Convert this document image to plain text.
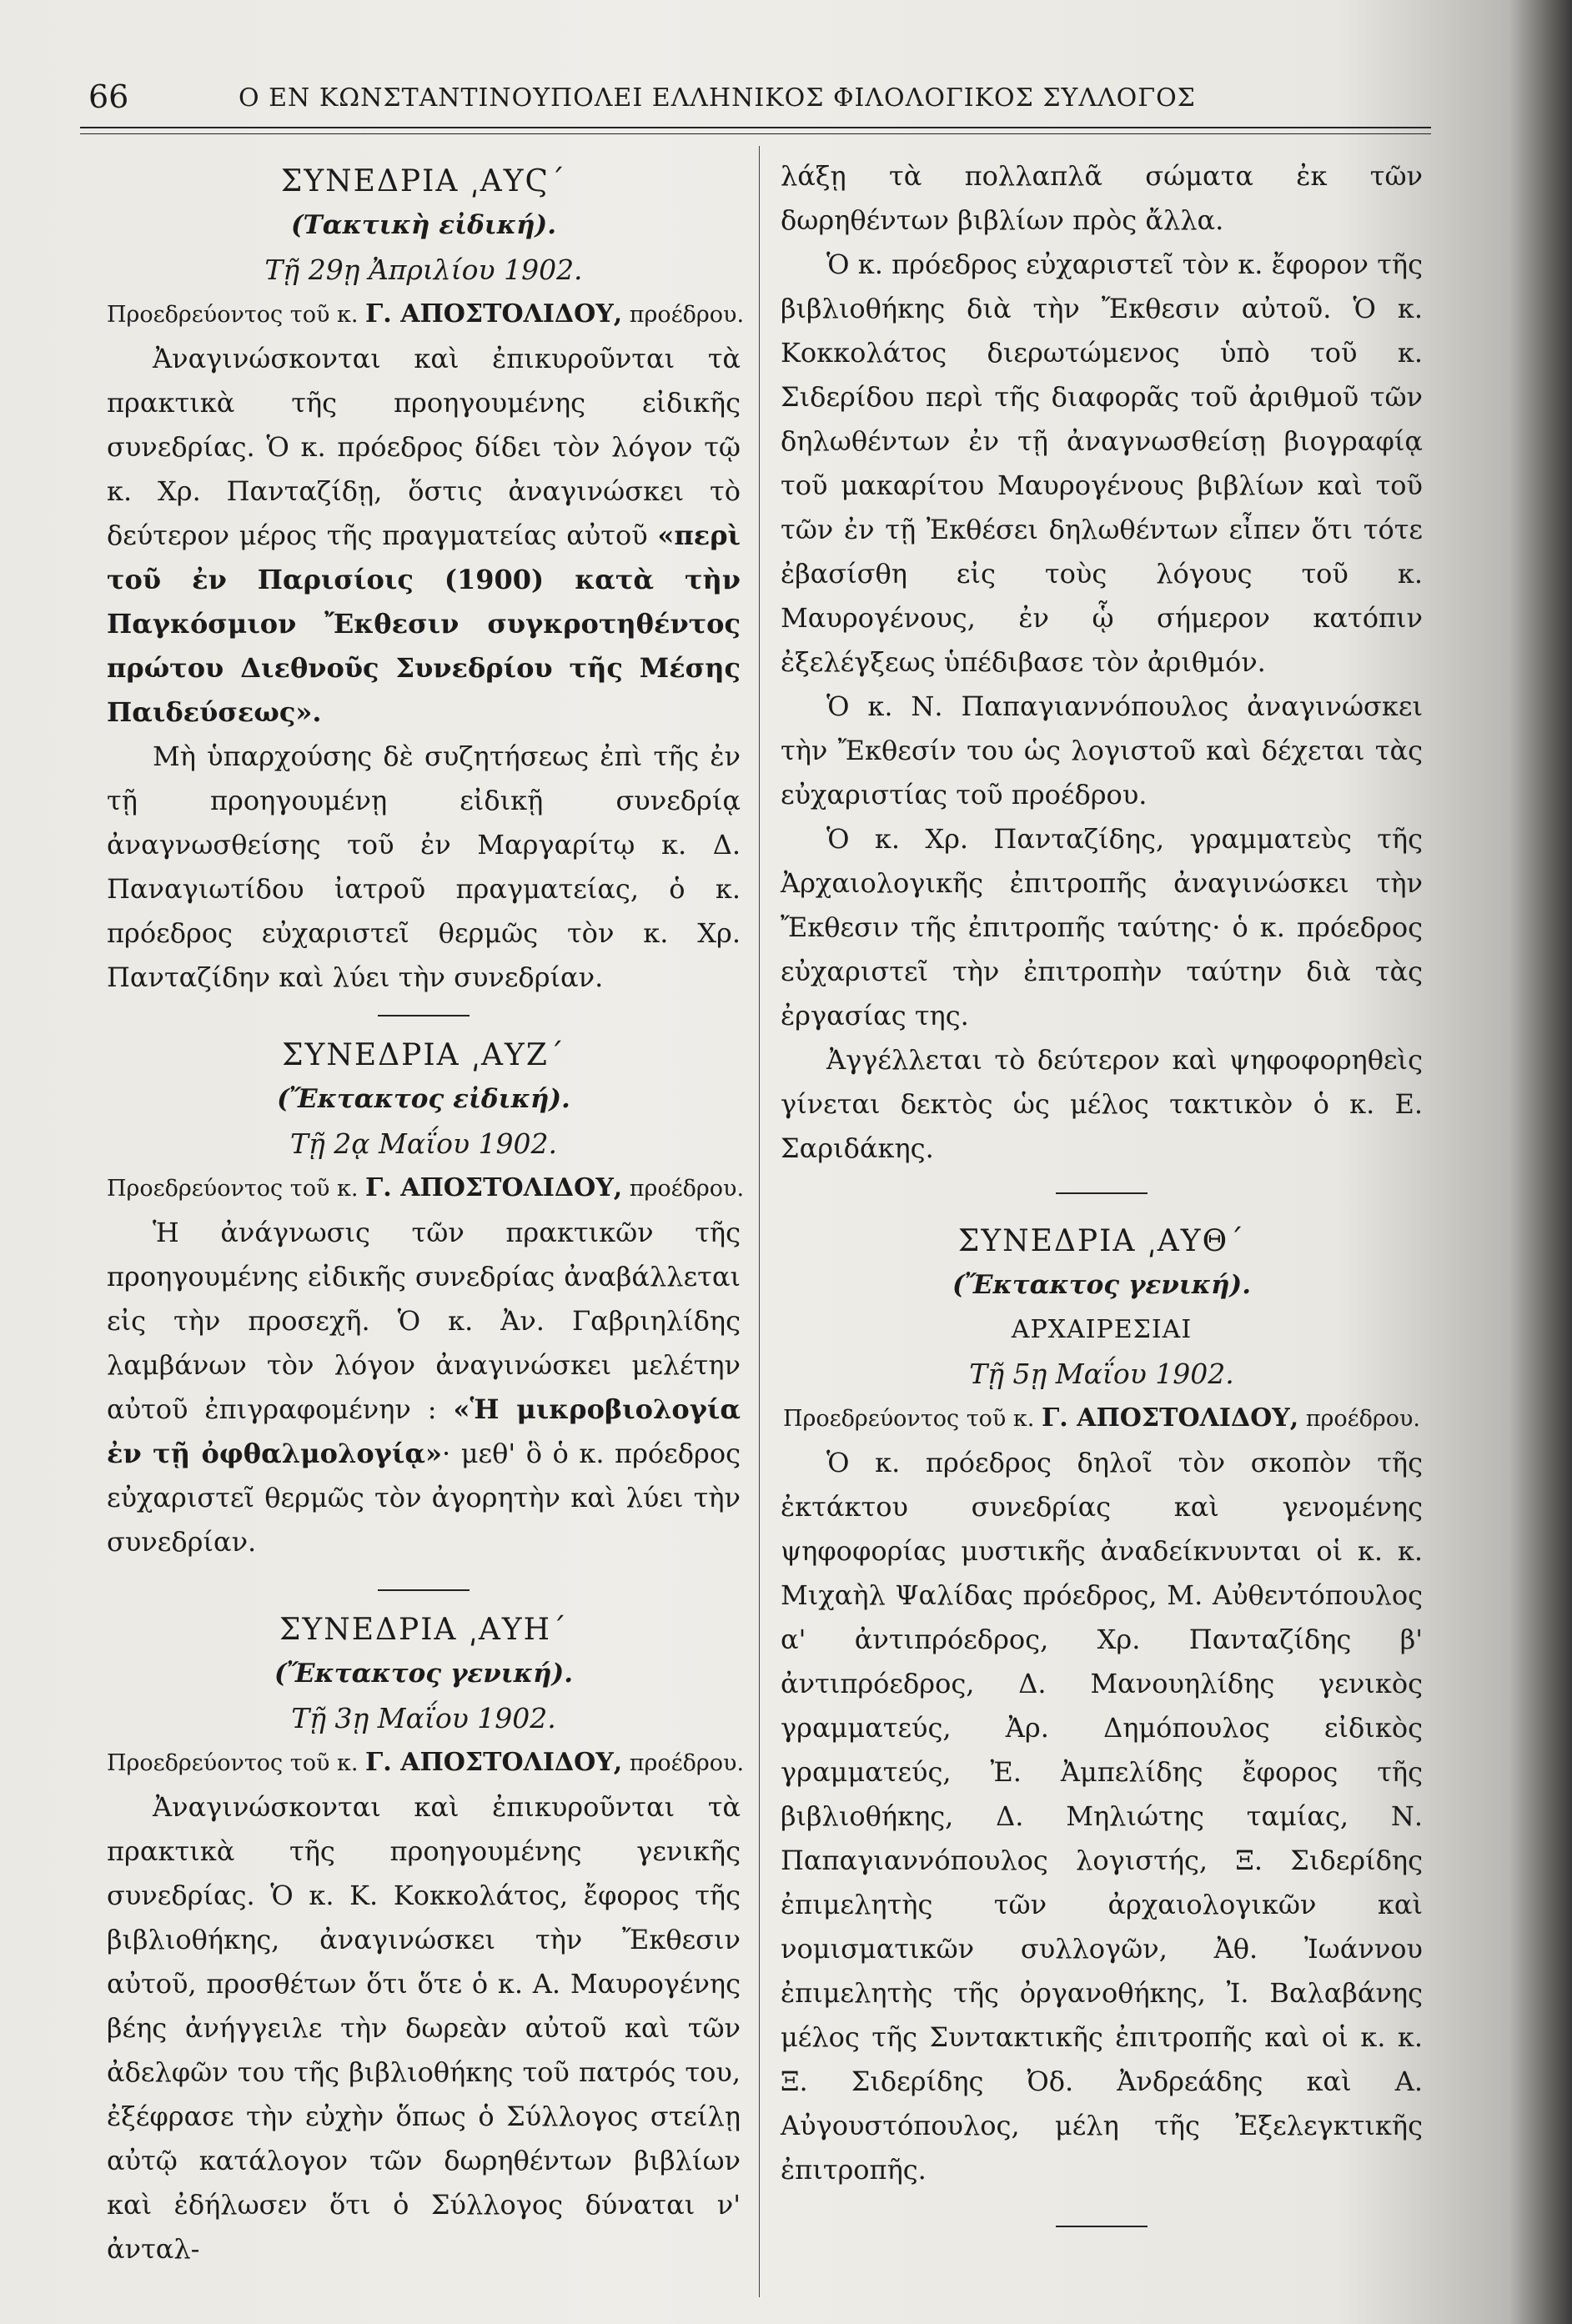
66	Ο ΕΝ ΚΩΝΣΤΑΝΤΙΝΟΥΠΟΛΕΙ ΕΛΛΗΝΙΚΟΣ ΦΙΛΟΛΟΓΙΚΟΣ ΣΥΛΛΟΓΟΣ

ΣΥΝΕΔΡΙΑ ͵ΑΥϚ΄

(Τακτικὴ εἰδική).

Τῇ 29ῃ Ἀπριλίου 1902.

Προεδρεύοντος τοῦ κ. Γ. ΑΠΟΣΤΟΛΙΔΟΥ, προέδρου.

Ἀναγινώσκονται καὶ ἐπικυροῦνται τὰ πρακτικὰ τῆς προηγουμένης εἰδικῆς συνεδρίας. Ὁ κ. πρόεδρος δίδει τὸν λόγον τῷ κ. Χρ. Πανταζίδῃ, ὅστις ἀναγινώσκει τὸ δεύτερον μέρος τῆς πραγματείας αὐτοῦ «περὶ τοῦ ἐν Παρισίοις (1900) κατὰ τὴν Παγκόσμιον Ἔκθεσιν συγκροτηθέντος πρώτου Διεθνοῦς Συνεδρίου τῆς Μέσης Παιδεύσεως».

Μὴ ὑπαρχούσης δὲ συζητήσεως ἐπὶ τῆς ἐν τῇ προηγουμένῃ εἰδικῇ συνεδρίᾳ ἀναγνωσθείσης τοῦ ἐν Μαργαρίτῳ κ. Δ. Παναγιωτίδου ἰατροῦ πραγματείας, ὁ κ. πρόεδρος εὐχαριστεῖ θερμῶς τὸν κ. Χρ. Πανταζίδην καὶ λύει τὴν συνεδρίαν.

ΣΥΝΕΔΡΙΑ ͵ΑΥΖ΄

(Ἔκτακτος εἰδική).

Τῇ 2ᾳ Μαΐου 1902.

Προεδρεύοντος τοῦ κ. Γ. ΑΠΟΣΤΟΛΙΔΟΥ, προέδρου.

Ἡ ἀνάγνωσις τῶν πρακτικῶν τῆς προηγουμένης εἰδικῆς συνεδρίας ἀναβάλλεται εἰς τὴν προσεχῆ. Ὁ κ. Ἀν. Γαβριηλίδης λαμβάνων τὸν λόγον ἀναγινώσκει μελέτην αὐτοῦ ἐπιγραφομένην : «Ἡ μικροβιολογία ἐν τῇ ὀφθαλμολογίᾳ»· μεθ' ὃ ὁ κ. πρόεδρος εὐχαριστεῖ θερμῶς τὸν ἀγορητὴν καὶ λύει τὴν συνεδρίαν.

ΣΥΝΕΔΡΙΑ ͵ΑΥΗ΄

(Ἔκτακτος γενική).

Τῇ 3ῃ Μαΐου 1902.

Προεδρεύοντος τοῦ κ. Γ. ΑΠΟΣΤΟΛΙΔΟΥ, προέδρου.

Ἀναγινώσκονται καὶ ἐπικυροῦνται τὰ πρακτικὰ τῆς προηγουμένης γενικῆς συνεδρίας. Ὁ κ. Κ. Κοκκολάτος, ἔφορος τῆς βιβλιοθήκης, ἀναγινώσκει τὴν Ἔκθεσιν αὐτοῦ, προσθέτων ὅτι ὅτε ὁ κ. Α. Μαυρογένης βέης ἀνήγγειλε τὴν δωρεὰν αὐτοῦ καὶ τῶν ἀδελφῶν του τῆς βιβλιοθήκης τοῦ πατρός του, ἐξέφρασε τὴν εὐχὴν ὅπως ὁ Σύλλογος στείλῃ αὐτῷ κατάλογον τῶν δωρηθέντων βιβλίων καὶ ἐδήλωσεν ὅτι ὁ Σύλλογος δύναται ν' ἀνταλ-

λάξῃ τὰ πολλαπλᾶ σώματα ἐκ τῶν δωρηθέντων βιβλίων πρὸς ἄλλα.

Ὁ κ. πρόεδρος εὐχαριστεῖ τὸν κ. ἔφορον τῆς βιβλιοθήκης διὰ τὴν Ἔκθεσιν αὐτοῦ. Ὁ κ. Κοκκολάτος διερωτώμενος ὑπὸ τοῦ κ. Σιδερίδου περὶ τῆς διαφορᾶς τοῦ ἀριθμοῦ τῶν δηλωθέντων ἐν τῇ ἀναγνωσθείσῃ βιογραφίᾳ τοῦ μακαρίτου Μαυρογένους βιβλίων καὶ τοῦ τῶν ἐν τῇ Ἐκθέσει δηλωθέντων εἶπεν ὅτι τότε ἐβασίσθη εἰς τοὺς λόγους τοῦ κ. Μαυρογένους, ἐν ᾧ σήμερον κατόπιν ἐξελέγξεως ὑπέδιβασε τὸν ἀριθμόν.

Ὁ κ. Ν. Παπαγιαννόπουλος ἀναγινώσκει τὴν Ἔκθεσίν του ὡς λογιστοῦ καὶ δέχεται τὰς εὐχαριστίας τοῦ προέδρου.

Ὁ κ. Χρ. Πανταζίδης, γραμματεὺς τῆς Ἀρχαιολογικῆς ἐπιτροπῆς ἀναγινώσκει τὴν Ἔκθεσιν τῆς ἐπιτροπῆς ταύτης· ὁ κ. πρόεδρος εὐχαριστεῖ τὴν ἐπιτροπὴν ταύτην διὰ τὰς ἐργασίας της.

Ἀγγέλλεται τὸ δεύτερον καὶ ψηφοφορηθεὶς γίνεται δεκτὸς ὡς μέλος τακτικὸν ὁ κ. Ε. Σαριδάκης.

ΣΥΝΕΔΡΙΑ ͵ΑΥΘ΄

(Ἔκτακτος γενική).

ΑΡΧΑΙΡΕΣΙΑΙ

Τῇ 5ῃ Μαΐου 1902.

Προεδρεύοντος τοῦ κ. Γ. ΑΠΟΣΤΟΛΙΔΟΥ, προέδρου.

Ὁ κ. πρόεδρος δηλοῖ τὸν σκοπὸν τῆς ἐκτάκτου συνεδρίας καὶ γενομένης ψηφοφορίας μυστικῆς ἀναδείκνυνται οἱ κ. κ. Μιχαὴλ Ψαλίδας πρόεδρος, Μ. Αὐθεντόπουλος α' ἀντιπρόεδρος, Χρ. Πανταζίδης β' ἀντιπρόεδρος, Δ. Μανουηλίδης γενικὸς γραμματεύς, Ἀρ. Δημόπουλος εἰδικὸς γραμματεύς, Ἐ. Ἀμπελίδης ἔφορος τῆς βιβλιοθήκης, Δ. Μηλιώτης ταμίας, Ν. Παπαγιαννόπουλος λογιστής, Ξ. Σιδερίδης ἐπιμελητὴς τῶν ἀρχαιολογικῶν καὶ νομισματικῶν συλλογῶν, Ἀθ. Ἰωάννου ἐπιμελητὴς τῆς ὀργανοθήκης, Ἰ. Βαλαβάνης μέλος τῆς Συντακτικῆς ἐπιτροπῆς καὶ οἱ κ. κ. Ξ. Σιδερίδης Ὀδ. Ἀνδρεάδης καὶ Α. Αὐγουστόπουλος, μέλη τῆς Ἐξελεγκτικῆς ἐπιτροπῆς.
